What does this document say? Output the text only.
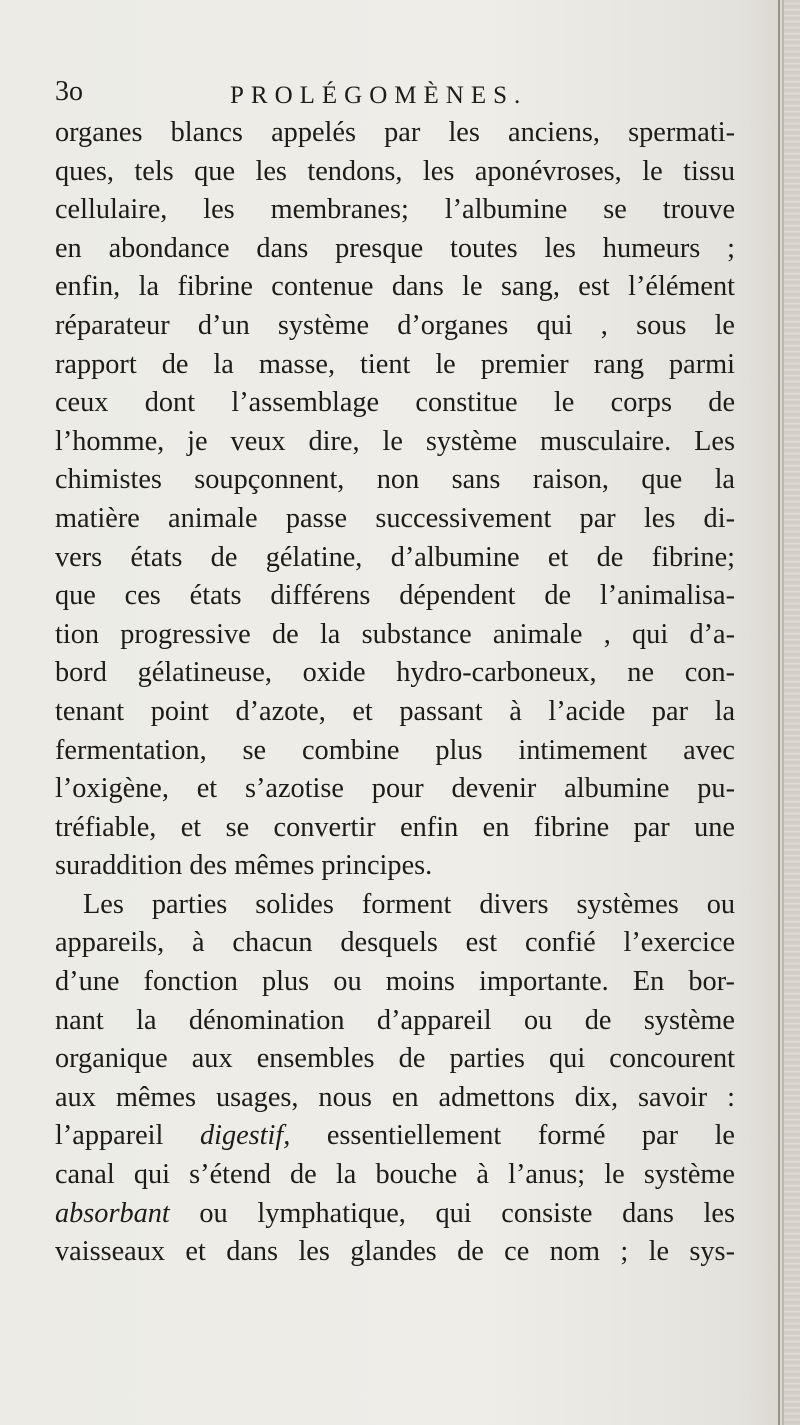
3o	PROLÉGOMÈNES.
organes blancs appelés par les anciens, spermati-
ques, tels que les tendons, les aponévroses, le tissu
cellulaire, les membranes; l’albumine se trouve
en abondance dans presque toutes les humeurs ;
enfin, la fibrine contenue dans le sang, est l’élément
réparateur d’un système d’organes qui , sous le
rapport de la masse, tient le premier rang parmi
ceux dont l’assemblage constitue le corps de
l’homme, je veux dire, le système musculaire. Les
chimistes soupçonnent, non sans raison, que la
matière animale passe successivement par les di-
vers états de gélatine, d’albumine et de fibrine;
que ces états différens dépendent de l’animalisa-
tion progressive de la substance animale , qui d’a-
bord gélatineuse, oxide hydro-carboneux, ne con-
tenant point d’azote, et passant à l’acide par la
fermentation, se combine plus intimement avec
l’oxigène, et s’azotise pour devenir albumine pu-
tréfiable, et se convertir enfin en fibrine par une
suraddition des mêmes principes.
Les parties solides forment divers systèmes ou
appareils, à chacun desquels est confié l’exercice
d’une fonction plus ou moins importante. En bor-
nant la dénomination d’appareil ou de système
organique aux ensembles de parties qui concourent
aux mêmes usages, nous en admettons dix, savoir :
l’appareil digestif, essentiellement formé par le
canal qui s’étend de la bouche à l’anus; le système
absorbant ou lymphatique, qui consiste dans les
vaisseaux et dans les glandes de ce nom ; le sys-
